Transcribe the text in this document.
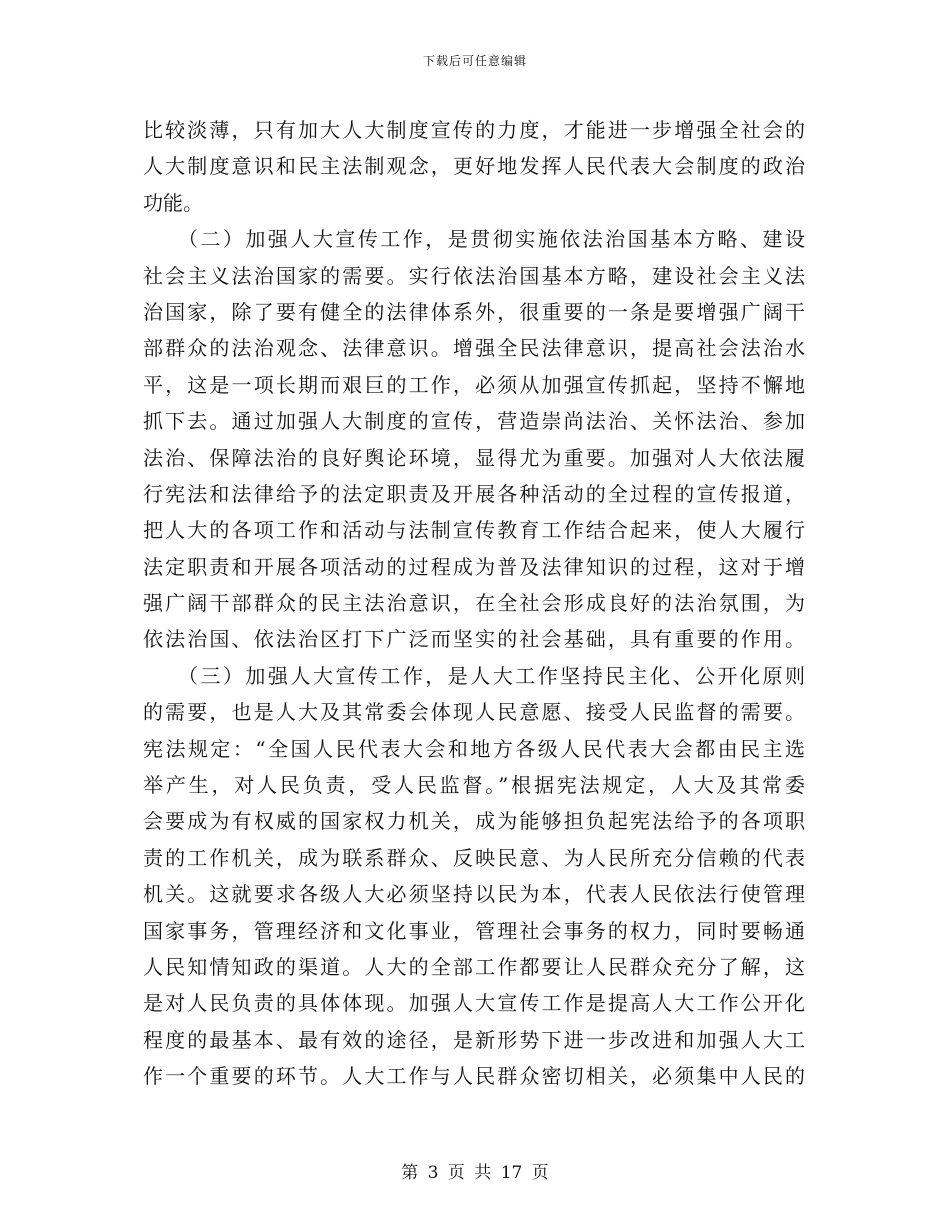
下载后可任意编辑
比较淡薄，只有加大人大制度宣传的力度，才能进一步增强全社会的
人大制度意识和民主法制观念，更好地发挥人民代表大会制度的政治
功能。
　　（二）加强人大宣传工作，是贯彻实施依法治国基本方略、建设
社会主义法治国家的需要。实行依法治国基本方略，建设社会主义法
治国家，除了要有健全的法律体系外，很重要的一条是要增强广阔干
部群众的法治观念、法律意识。增强全民法律意识，提高社会法治水
平，这是一项长期而艰巨的工作，必须从加强宣传抓起，坚持不懈地
抓下去。通过加强人大制度的宣传，营造崇尚法治、关怀法治、参加
法治、保障法治的良好舆论环境，显得尤为重要。加强对人大依法履
行宪法和法律给予的法定职责及开展各种活动的全过程的宣传报道，
把人大的各项工作和活动与法制宣传教育工作结合起来，使人大履行
法定职责和开展各项活动的过程成为普及法律知识的过程，这对于增
强广阔干部群众的民主法治意识，在全社会形成良好的法治氛围，为
依法治国、依法治区打下广泛而坚实的社会基础，具有重要的作用。
　　（三）加强人大宣传工作，是人大工作坚持民主化、公开化原则
的需要，也是人大及其常委会体现人民意愿、接受人民监督的需要。
宪法规定：“全国人民代表大会和地方各级人民代表大会都由民主选
举产生，对人民负责，受人民监督。”根据宪法规定，人大及其常委
会要成为有权威的国家权力机关，成为能够担负起宪法给予的各项职
责的工作机关，成为联系群众、反映民意、为人民所充分信赖的代表
机关。这就要求各级人大必须坚持以民为本，代表人民依法行使管理
国家事务，管理经济和文化事业，管理社会事务的权力，同时要畅通
人民知情知政的渠道。人大的全部工作都要让人民群众充分了解，这
是对人民负责的具体体现。加强人大宣传工作是提高人大工作公开化
程度的最基本、最有效的途径，是新形势下进一步改进和加强人大工
作一个重要的环节。人大工作与人民群众密切相关，必须集中人民的
第 3 页 共 17 页
